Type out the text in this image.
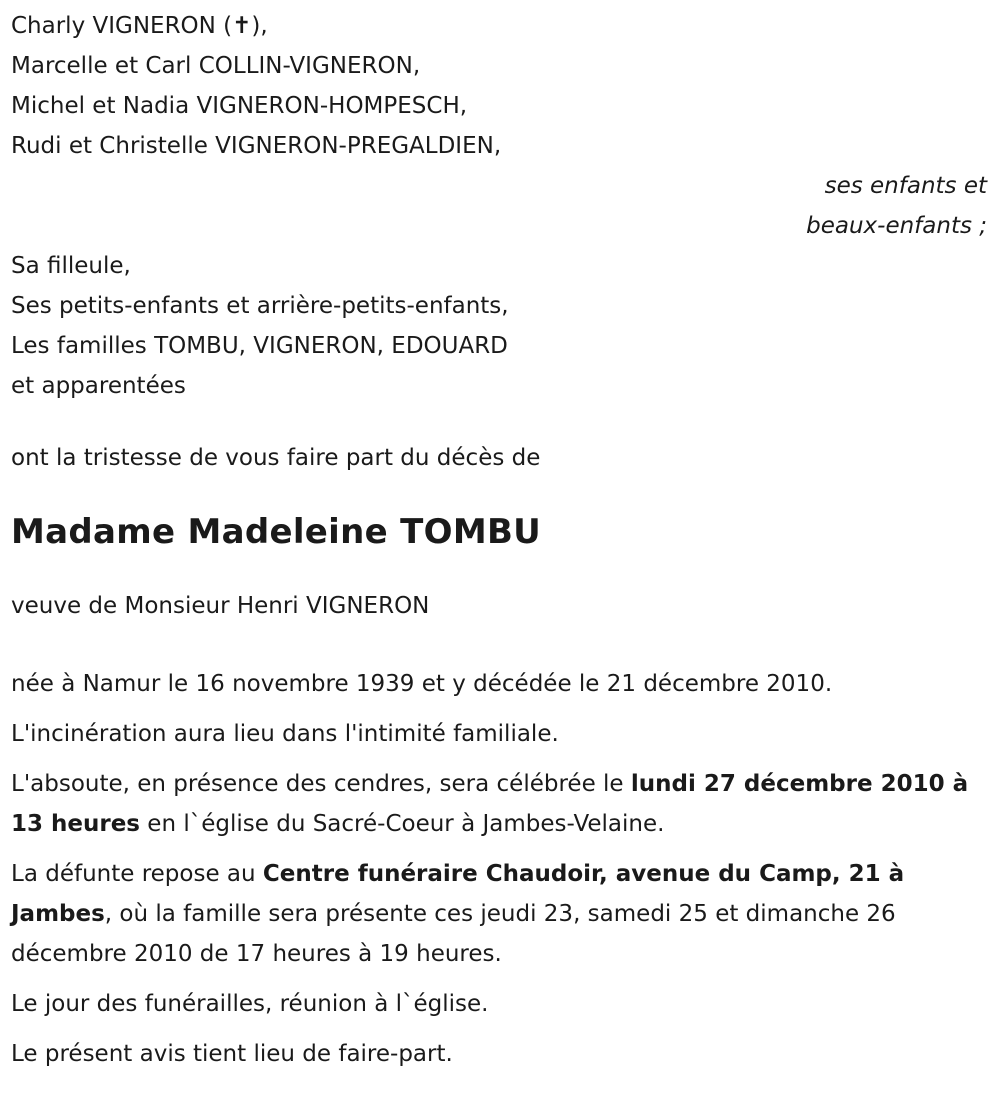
Charly VIGNERON (✝),
Marcelle et Carl COLLIN-VIGNERON,
Michel et Nadia VIGNERON-HOMPESCH,
Rudi et Christelle VIGNERON-PREGALDIEN,
ses enfants et
beaux-enfants ;
Sa filleule,
Ses petits-enfants et arrière-petits-enfants,
Les familles TOMBU, VIGNERON, EDOUARD
et apparentées
ont la tristesse de vous faire part du décès de
Madame Madeleine TOMBU
veuve de Monsieur Henri VIGNERON
née à Namur le 16 novembre 1939 et y décédée le 21 décembre 2010.
L'incinération aura lieu dans l'intimité familiale.
L'absoute, en présence des cendres, sera célébrée le lundi 27 décembre 2010 à 13 heures en l`église du Sacré-Coeur à Jambes-Velaine.
La défunte repose au Centre funéraire Chaudoir, avenue du Camp, 21 à Jambes, où la famille sera présente ces jeudi 23, samedi 25 et dimanche 26 décembre 2010 de 17 heures à 19 heures.
Le jour des funérailles, réunion à l`église.
Le présent avis tient lieu de faire-part.
